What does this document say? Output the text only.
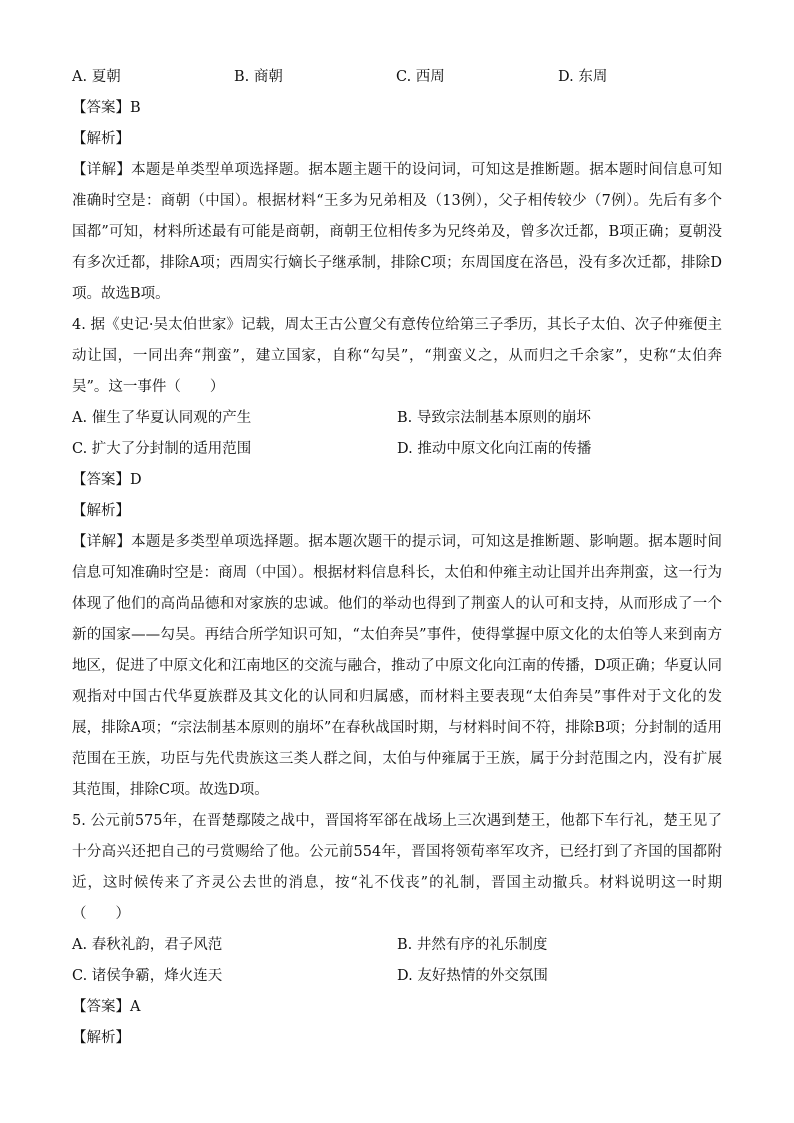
A. 夏朝	B. 商朝	C. 西周	D. 东周
【答案】B
【解析】
【详解】本题是单类型单项选择题。据本题主题干的设问词，可知这是推断题。据本题时间信息可知准确时空是：商朝（中国）。根据材料“王多为兄弟相及（13例），父子相传较少（7例）。先后有多个国都”可知，材料所述最有可能是商朝，商朝王位相传多为兄终弟及，曾多次迁都，B项正确；夏朝没有多次迁都，排除A项；西周实行嫡长子继承制，排除C项；东周国度在洛邑，没有多次迁都，排除D项。故选B项。
4. 据《史记·吴太伯世家》记载，周太王古公亶父有意传位给第三子季历，其长子太伯、次子仲雍便主动让国，一同出奔“荆蛮”，建立国家，自称“勾吴”，“荆蛮义之，从而归之千余家”，史称“太伯奔吴”。这一事件（　　）
A. 催生了华夏认同观的产生	B. 导致宗法制基本原则的崩坏
C. 扩大了分封制的适用范围	D. 推动中原文化向江南的传播
【答案】D
【解析】
【详解】本题是多类型单项选择题。据本题次题干的提示词，可知这是推断题、影响题。据本题时间信息可知准确时空是：商周（中国）。根据材料信息科长，太伯和仲雍主动让国并出奔荆蛮，这一行为体现了他们的高尚品德和对家族的忠诚。他们的举动也得到了荆蛮人的认可和支持，从而形成了一个新的国家——勾吴。再结合所学知识可知，“太伯奔吴”事件，使得掌握中原文化的太伯等人来到南方地区，促进了中原文化和江南地区的交流与融合，推动了中原文化向江南的传播，D项正确；华夏认同观指对中国古代华夏族群及其文化的认同和归属感，而材料主要表现“太伯奔吴”事件对于文化的发展，排除A项；“宗法制基本原则的崩坏”在春秋战国时期，与材料时间不符，排除B项；分封制的适用范围在王族，功臣与先代贵族这三类人群之间，太伯与仲雍属于王族，属于分封范围之内，没有扩展其范围，排除C项。故选D项。
5. 公元前575年，在晋楚鄢陵之战中，晋国将军郤在战场上三次遇到楚王，他都下车行礼，楚王见了十分高兴还把自己的弓赏赐给了他。公元前554年，晋国将领荀率军攻齐，已经打到了齐国的国都附近，这时候传来了齐灵公去世的消息，按“礼不伐丧”的礼制，晋国主动撤兵。材料说明这一时期（　　）
A. 春秋礼韵，君子风范	B. 井然有序的礼乐制度
C. 诸侯争霸，烽火连天	D. 友好热情的外交氛围
【答案】A
【解析】
